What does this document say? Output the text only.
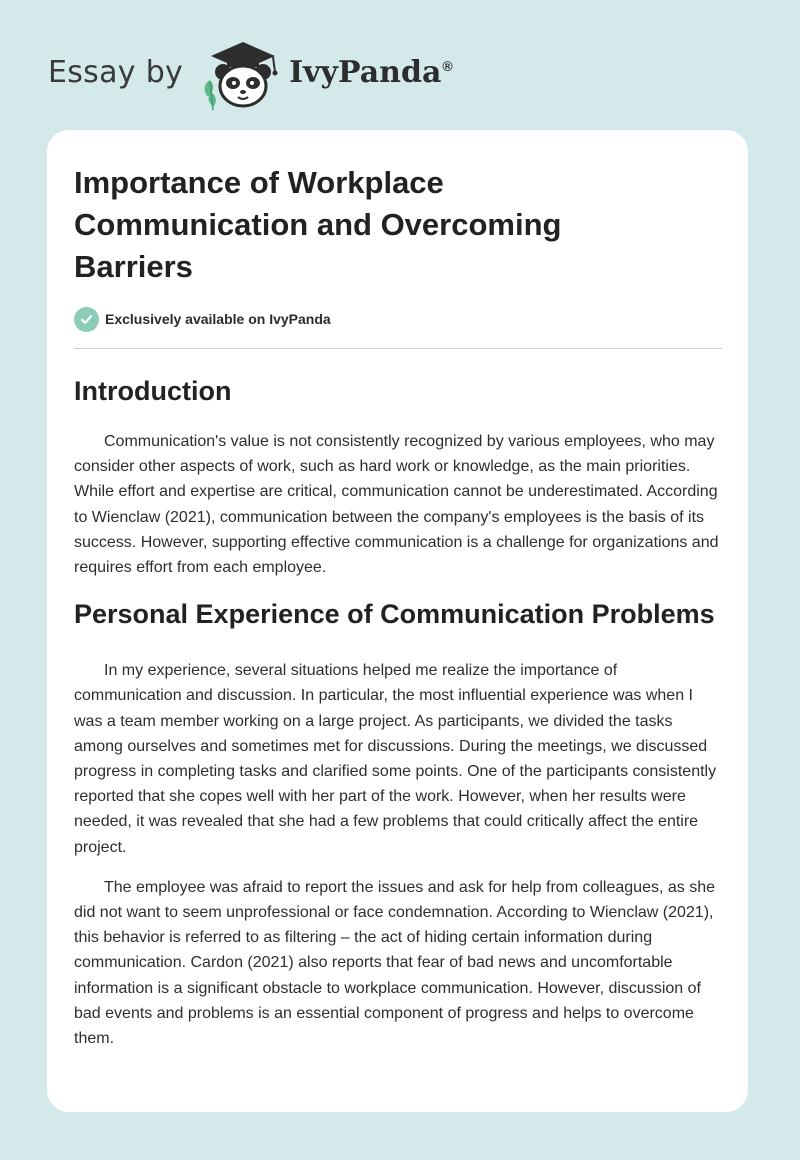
Essay by	IvyPanda®
Importance of Workplace Communication and Overcoming Barriers
Exclusively available on IvyPanda
Introduction

Communication's value is not consistently recognized by various employees, who may consider other aspects of work, such as hard work or knowledge, as the main priorities. While effort and expertise are critical, communication cannot be underestimated. According to Wienclaw (2021), communication between the company's employees is the basis of its success. However, supporting effective communication is a challenge for organizations and requires effort from each employee.

Personal Experience of Communication Problems

In my experience, several situations helped me realize the importance of communication and discussion. In particular, the most influential experience was when I was a team member working on a large project. As participants, we divided the tasks among ourselves and sometimes met for discussions. During the meetings, we discussed progress in completing tasks and clarified some points. One of the participants consistently reported that she copes well with her part of the work. However, when her results were needed, it was revealed that she had a few problems that could critically affect the entire project.

The employee was afraid to report the issues and ask for help from colleagues, as she did not want to seem unprofessional or face condemnation. According to Wienclaw (2021), this behavior is referred to as filtering – the act of hiding certain information during communication. Cardon (2021) also reports that fear of bad news and uncomfortable information is a significant obstacle to workplace communication. However, discussion of bad events and problems is an essential component of progress and helps to overcome them.
